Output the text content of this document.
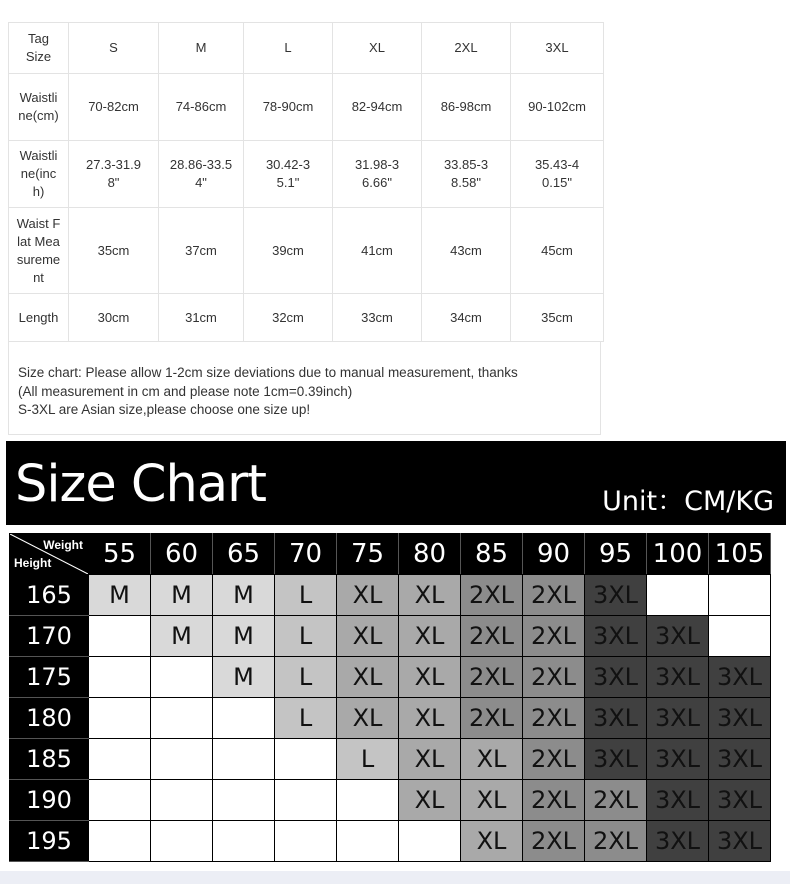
Tag Size	S	M	L	XL	2XL	3XL
Waistline(cm)	70-82cm	74-86cm	78-90cm	82-94cm	86-98cm	90-102cm
Waistline(inch)	27.3-31.98"	28.86-33.54"	30.42-35.1"	31.98-36.66"	33.85-38.58"	35.43-40.15"
Waist Flat Measurement	35cm	37cm	39cm	41cm	43cm	45cm
Length	30cm	31cm	32cm	33cm	34cm	35cm
Size chart: Please allow 1-2cm size deviations due to manual measurement, thanks
(All measurement in cm and please note 1cm=0.39inch)
S-3XL are Asian size,please choose one size up!
Size Chart	Unit：CM/KG
Weight
Height	55	60	65	70	75	80	85	90	95	100	105
165	M	M	M	L	XL	XL	2XL	2XL	3XL		
170		M	M	L	XL	XL	2XL	2XL	3XL	3XL	
175			M	L	XL	XL	2XL	2XL	3XL	3XL	3XL
180				L	XL	XL	2XL	2XL	3XL	3XL	3XL
185					L	XL	XL	2XL	3XL	3XL	3XL
190						XL	XL	2XL	2XL	3XL	3XL
195							XL	2XL	2XL	3XL	3XL
